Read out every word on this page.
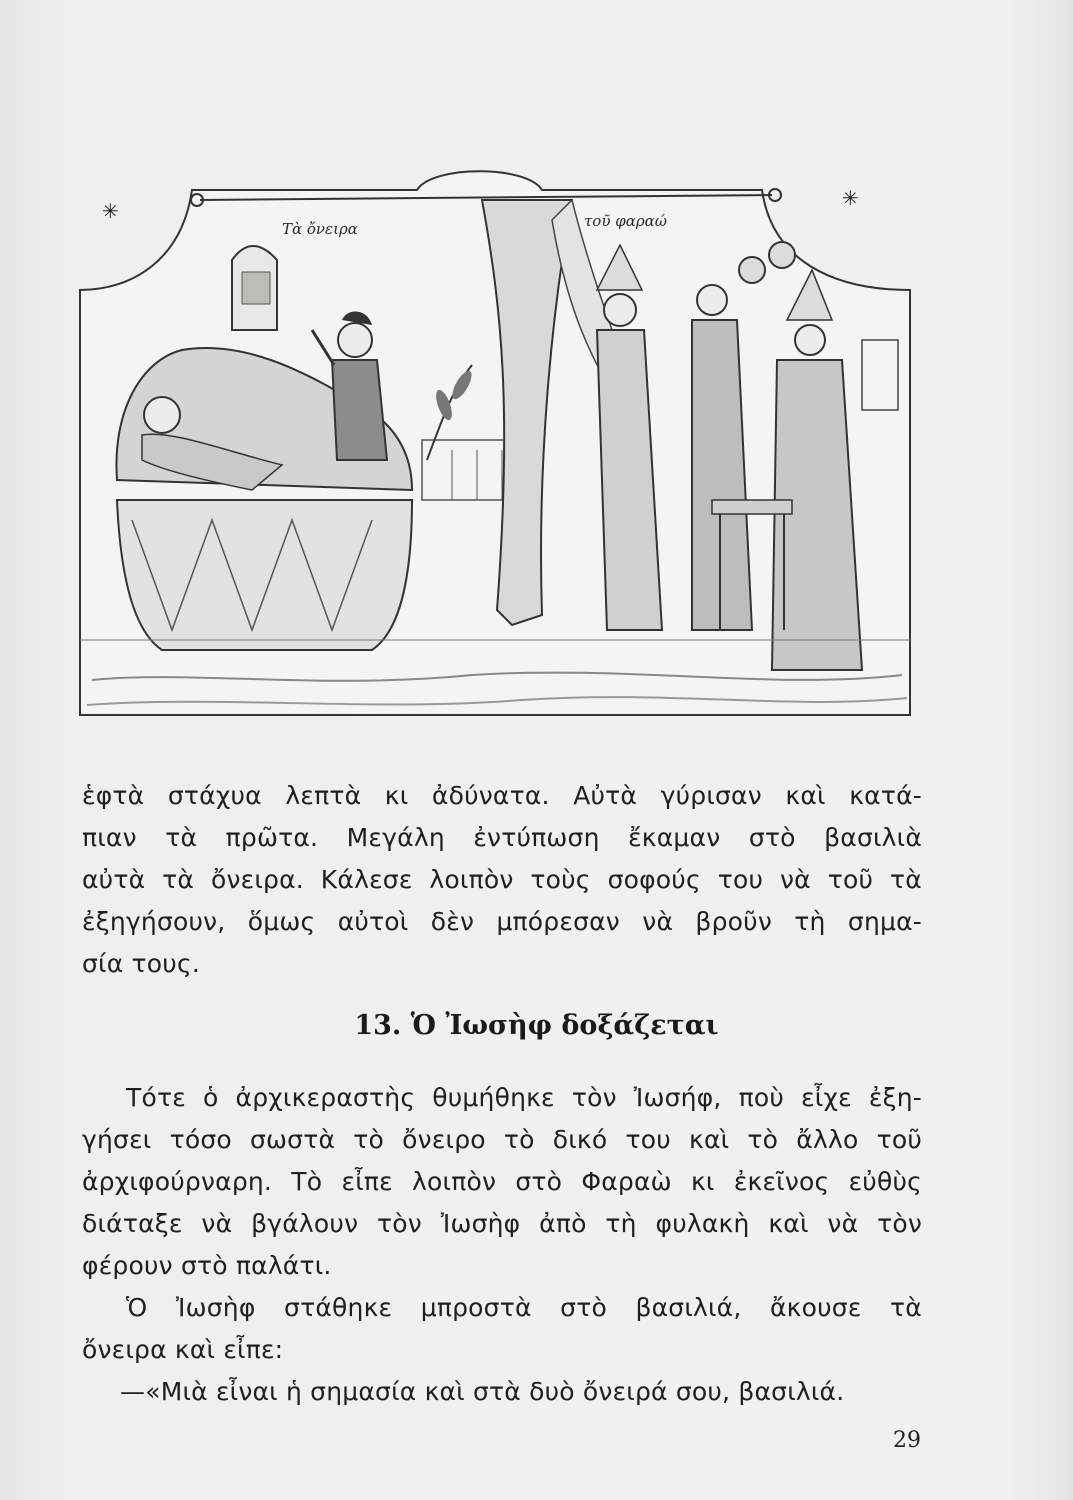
✳
✳
Τὰ ὄνειρα	τοῦ φαραώ
ἑφτὰ στάχυα λεπτὰ κι ἀδύνατα. Αὐτὰ γύρισαν καὶ κατά-
πιαν τὰ πρῶτα. Μεγάλη ἐντύπωση ἔκαμαν στὸ βασιλιὰ
αὐτὰ τὰ ὄνειρα. Κάλεσε λοιπὸν τοὺς σοφούς του νὰ τοῦ τὰ
ἐξηγήσουν, ὅμως αὐτοὶ δὲν μπόρεσαν νὰ βροῦν τὴ σημα-
σία τους.
13. Ὁ Ἰωσὴφ δοξάζεται
Τότε ὁ ἀρχικεραστὴς θυμήθηκε τὸν Ἰωσήφ, ποὺ εἶχε ἐξη-
γήσει τόσο σωστὰ τὸ ὄνειρο τὸ δικό του καὶ τὸ ἄλλο τοῦ
ἀρχιφούρναρη. Τὸ εἶπε λοιπὸν στὸ Φαραὼ κι ἐκεῖνος εὐθὺς
διάταξε νὰ βγάλουν τὸν Ἰωσὴφ ἀπὸ τὴ φυλακὴ καὶ νὰ τὸν
φέρουν στὸ παλάτι.
Ὁ Ἰωσὴφ στάθηκε μπροστὰ στὸ βασιλιά, ἄκουσε τὰ
ὄνειρα καὶ εἶπε:
—«Μιὰ εἶναι ἡ σημασία καὶ στὰ δυὸ ὄνειρά σου, βασιλιά.
29
